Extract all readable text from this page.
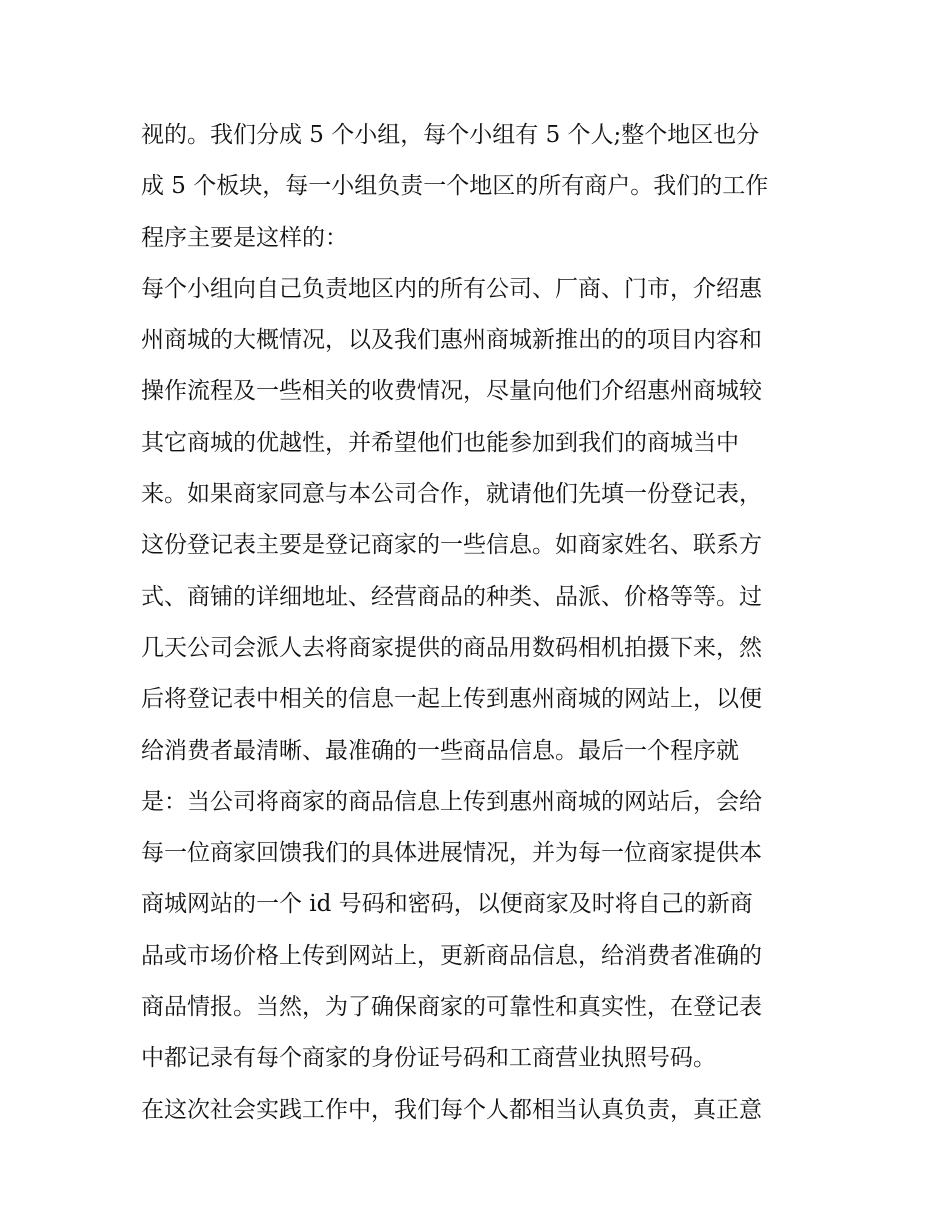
视的。我们分成 5 个小组，每个小组有 5 个人;整个地区也分
成 5 个板块，每一小组负责一个地区的所有商户。我们的工作
程序主要是这样的：
每个小组向自己负责地区内的所有公司、厂商、门市，介绍惠
州商城的大概情况，以及我们惠州商城新推出的的项目内容和
操作流程及一些相关的收费情况，尽量向他们介绍惠州商城较
其它商城的优越性，并希望他们也能参加到我们的商城当中
来。如果商家同意与本公司合作，就请他们先填一份登记表，
这份登记表主要是登记商家的一些信息。如商家姓名、联系方
式、商铺的详细地址、经营商品的种类、品派、价格等等。过
几天公司会派人去将商家提供的商品用数码相机拍摄下来，然
后将登记表中相关的信息一起上传到惠州商城的网站上，以便
给消费者最清晰、最准确的一些商品信息。最后一个程序就
是：当公司将商家的商品信息上传到惠州商城的网站后，会给
每一位商家回馈我们的具体进展情况，并为每一位商家提供本
商城网站的一个 id 号码和密码，以便商家及时将自己的新商
品或市场价格上传到网站上，更新商品信息，给消费者准确的
商品情报。当然，为了确保商家的可靠性和真实性，在登记表
中都记录有每个商家的身份证号码和工商营业执照号码。
在这次社会实践工作中，我们每个人都相当认真负责，真正意
